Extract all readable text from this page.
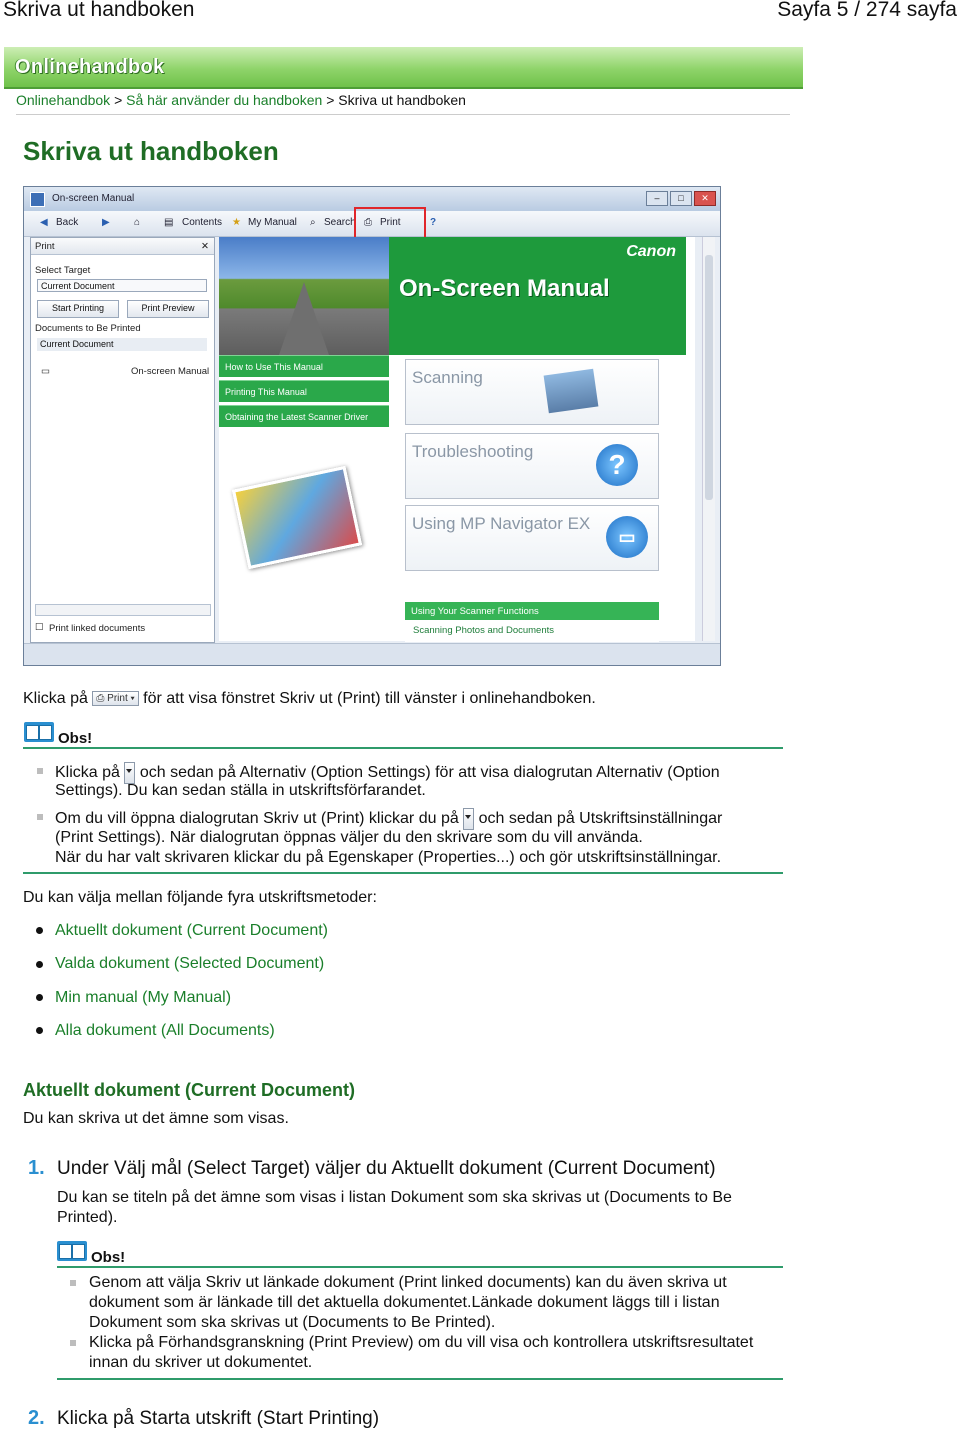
Skriva ut handboken	Sayfa 5 / 274 sayfa
Onlinehandbok
Onlinehandbok > Så här använder du handboken > Skriva ut handboken
Skriva ut handboken
On-screen Manual	– □ ✕
◀ Back ▶ ⌂ ▤ Contents ★ My Manual ⌕ Search ⎙ Print	?
Print	✕
Select Target
Current Document
Start Printing	Print Preview
Documents to Be Printed
Current Document
▭	On-screen Manual
☐ Print linked documents
Canon
On-Screen Manual
How to Use This Manual
Printing This Manual
Obtaining the Latest Scanner Driver
Scanning
Troubleshooting	?
Using MP Navigator EX
▭
Using Your Scanner Functions
Scanning Photos and Documents
Klicka på ⎙ Print ▾ för att visa fönstret Skriv ut (Print) till vänster i onlinehandboken.
Obs!
Klicka på och sedan på Alternativ (Option Settings) för att visa dialogrutan Alternativ (Option
Settings). Du kan sedan ställa in utskriftsförfarandet.
Om du vill öppna dialogrutan Skriv ut (Print) klickar du på och sedan på Utskriftsinställningar
(Print Settings). När dialogrutan öppnas väljer du den skrivare som du vill använda.
När du har valt skrivaren klickar du på Egenskaper (Properties...) och gör utskriftsinställningar.
Du kan välja mellan följande fyra utskriftsmetoder:
Aktuellt dokument (Current Document)
Valda dokument (Selected Document)
Min manual (My Manual)
Alla dokument (All Documents)
Aktuellt dokument (Current Document)
Du kan skriva ut det ämne som visas.
1. Under Välj mål (Select Target) väljer du Aktuellt dokument (Current Document)
Du kan se titeln på det ämne som visas i listan Dokument som ska skrivas ut (Documents to Be
Printed).
Obs!
Genom att välja Skriv ut länkade dokument (Print linked documents) kan du även skriva ut
dokument som är länkade till det aktuella dokumentet.Länkade dokument läggs till i listan
Dokument som ska skrivas ut (Documents to Be Printed).
Klicka på Förhandsgranskning (Print Preview) om du vill visa och kontrollera utskriftsresultatet
innan du skriver ut dokumentet.
2. Klicka på Starta utskrift (Start Printing)
